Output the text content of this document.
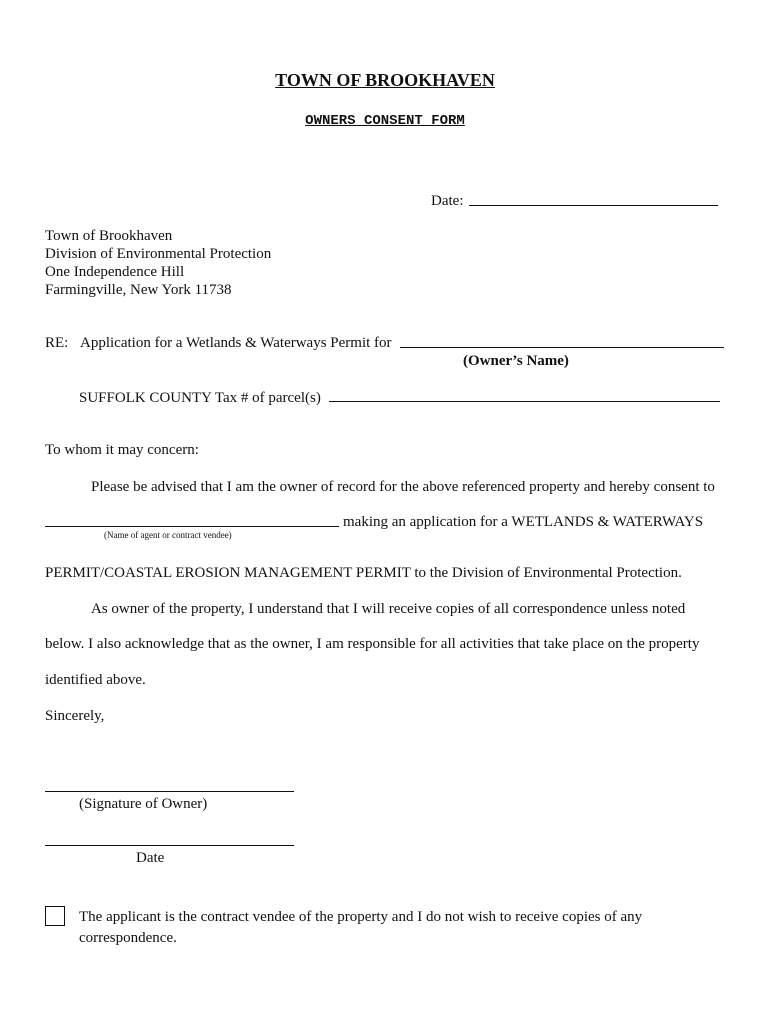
TOWN OF BROOKHAVEN
OWNERS CONSENT FORM
Date:
Town of Brookhaven
Division of Environmental Protection
One Independence Hill
Farmingville, New York 11738
RE: Application for a Wetlands & Waterways Permit for
(Owner’s Name)
SUFFOLK COUNTY Tax # of parcel(s)
To whom it may concern:
Please be advised that I am the owner of record for the above referenced property and hereby consent to
making an application for a WETLANDS & WATERWAYS
(Name of agent or contract vendee)
PERMIT/COASTAL EROSION MANAGEMENT PERMIT to the Division of Environmental Protection.
As owner of the property, I understand that I will receive copies of all correspondence unless noted
below. I also acknowledge that as the owner, I am responsible for all activities that take place on the property
identified above.
Sincerely,
(Signature of Owner)
Date
The applicant is the contract vendee of the property and I do not wish to receive copies of any correspondence.
